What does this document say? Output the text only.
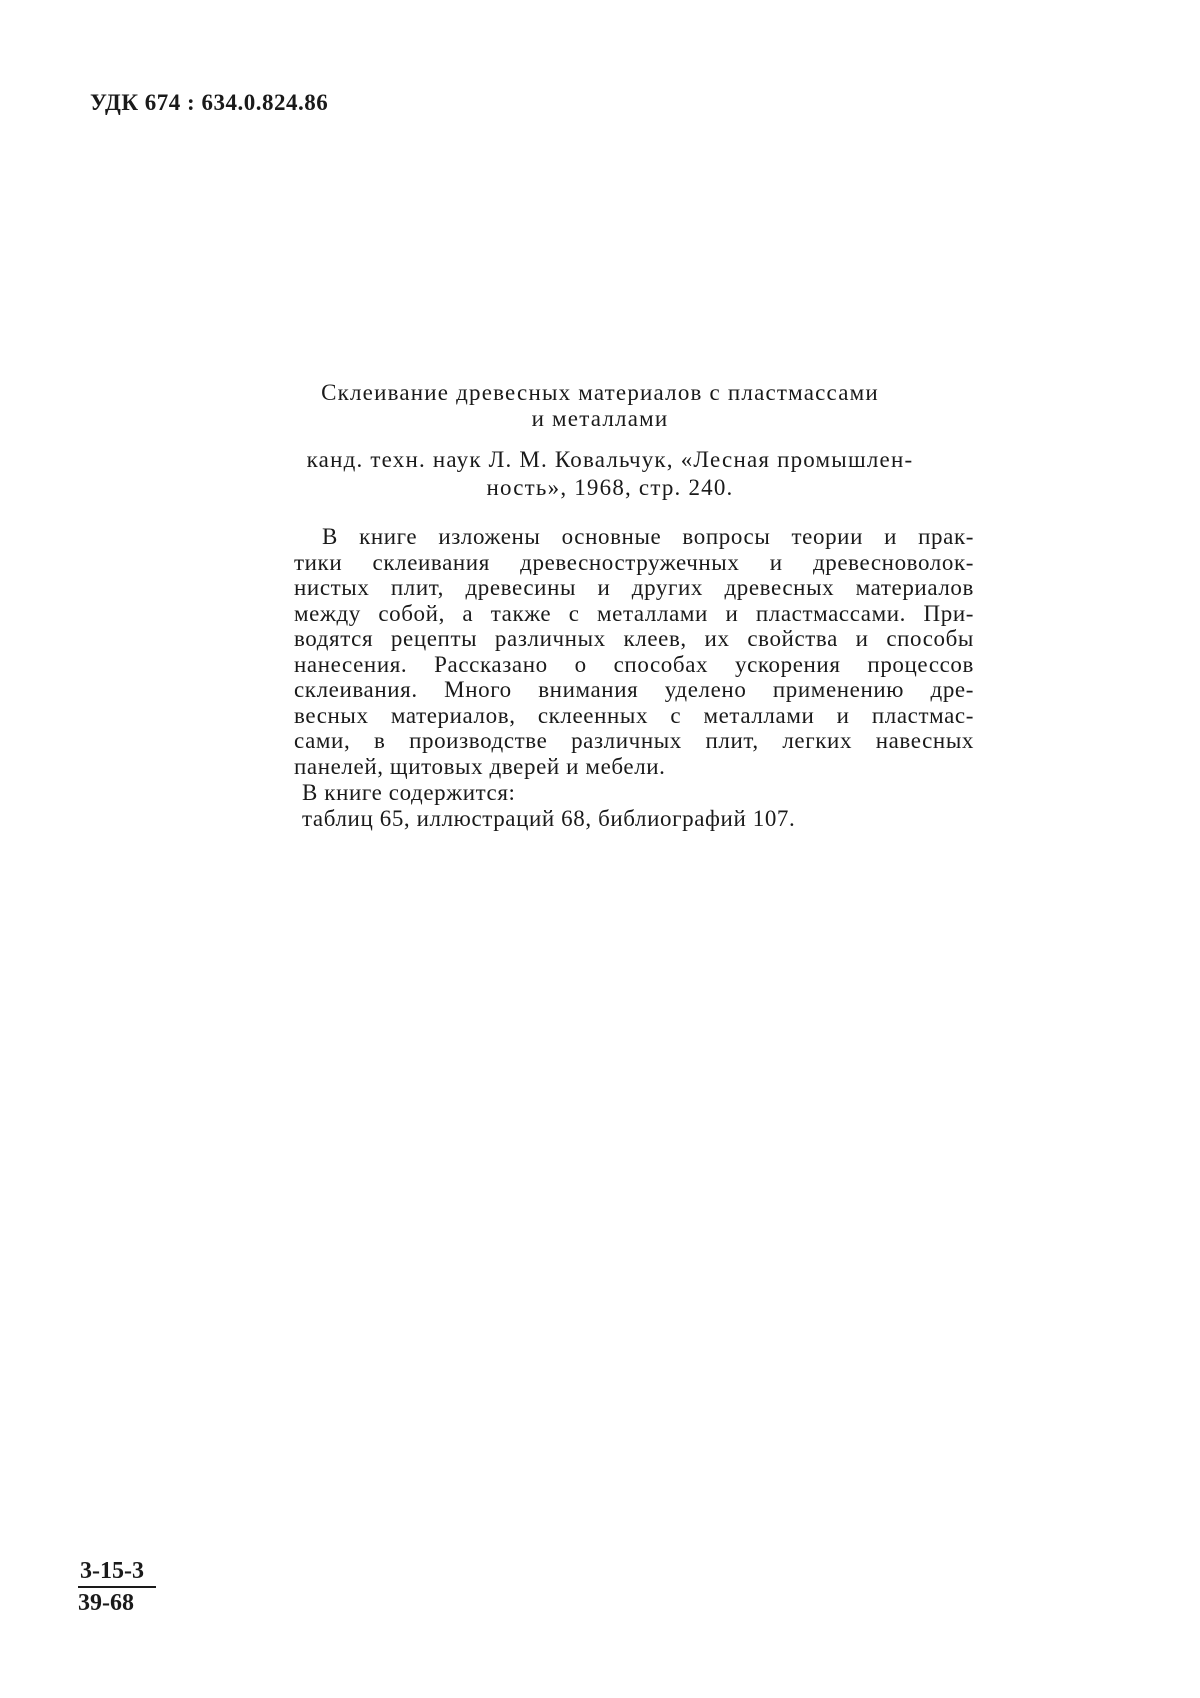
УДК 674 : 634.0.824.86
Склеивание древесных материалов с пластмассами
и металлами
канд. техн. наук Л. М. Ковальчук, «Лесная промышлен-
ность», 1968, стр. 240.
В книге изложены основные вопросы теории и прак-
тики склеивания древесностружечных и древесноволок-
нистых плит, древесины и других древесных материалов
между собой, а также с металлами и пластмассами. При-
водятся рецепты различных клеев, их свойства и способы
нанесения. Рассказано о способах ускорения процессов
склеивания. Много внимания уделено применению дре-
весных материалов, склеенных с металлами и пластмас-
сами, в производстве различных плит, легких навесных
панелей, щитовых дверей и мебели.
В книге содержится:
таблиц 65, иллюстраций 68, библиографий 107.
3-15-3
39-68
